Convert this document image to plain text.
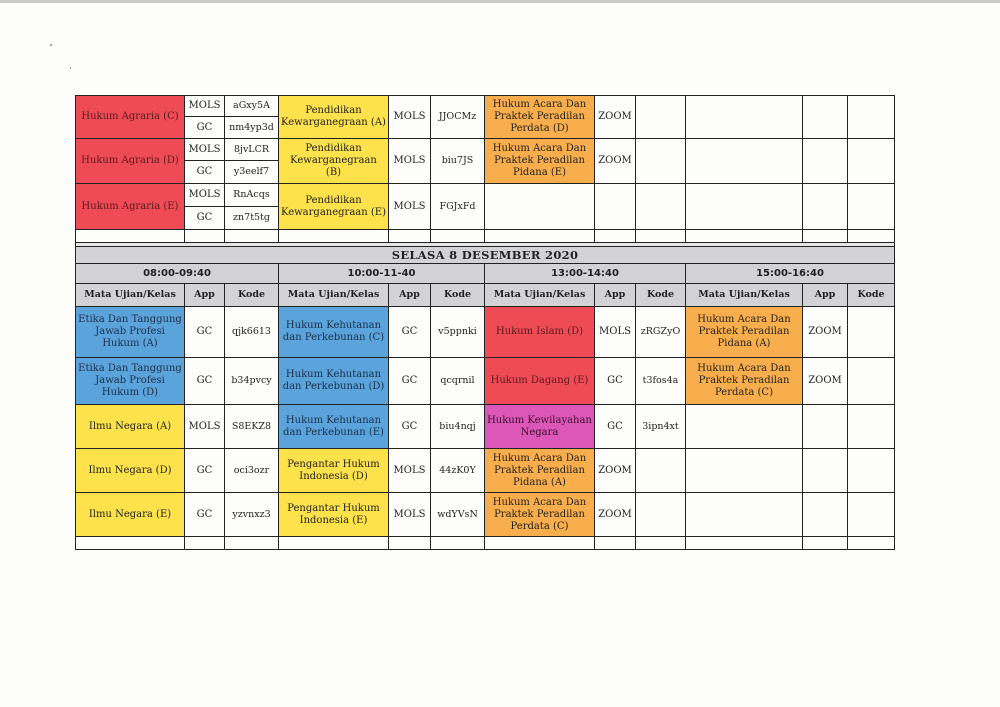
Hukum Agraria (C)	MOLS	aGxy5A	Pendidikan Kewarganegraan (A)	MOLS	JJOCMz	Hukum Acara Dan Praktek Peradilan Perdata (D)	ZOOM				
	GC	nm4yp3d									
Hukum Agraria (D)	MOLS	8jvLCR	Pendidikan Kewarganegraan (B)	MOLS	biu7JS	Hukum Acara Dan Praktek Peradilan Pidana (E)	ZOOM				
	GC	y3eelf7									
Hukum Agraria (E)	MOLS	RnAcqs	Pendidikan Kewarganegraan (E)	MOLS	FGJxFd						
	GC	zn7t5tg									

SELASA 8 DESEMBER 2020											
08:00-09:40			10:00-11-40			13:00-14:40			15:00-16:40		
Mata Ujian/Kelas	App	Kode	Mata Ujian/Kelas	App	Kode	Mata Ujian/Kelas	App	Kode	Mata Ujian/Kelas	App	Kode
Etika Dan Tanggung Jawab Profesi Hukum (A)	GC	qjk6613	Hukum Kehutanan dan Perkebunan (C)	GC	v5ppnki	Hukum Islam (D)	MOLS	zRGZyO	Hukum Acara Dan Praktek Peradilan Pidana (A)	ZOOM	
Etika Dan Tanggung Jawab Profesi Hukum (D)	GC	b34pvcy	Hukum Kehutanan dan Perkebunan (D)	GC	qcqrnil	Hukum Dagang (E)	GC	t3fos4a	Hukum Acara Dan Praktek Peradilan Perdata (C)	ZOOM	
Ilmu Negara (A)	MOLS	S8EKZ8	Hukum Kehutanan dan Perkebunan (E)	GC	biu4nqj	Hukum Kewilayahan Negara	GC	3ipn4xt			
Ilmu Negara (D)	GC	oci3ozr	Pengantar Hukum Indonesia (D)	MOLS	44zK0Y	Hukum Acara Dan Praktek Peradilan Pidana (A)	ZOOM				
Ilmu Negara (E)	GC	yzvnxz3	Pengantar Hukum Indonesia (E)	MOLS	wdYVsN	Hukum Acara Dan Praktek Peradilan Perdata (C)	ZOOM				
